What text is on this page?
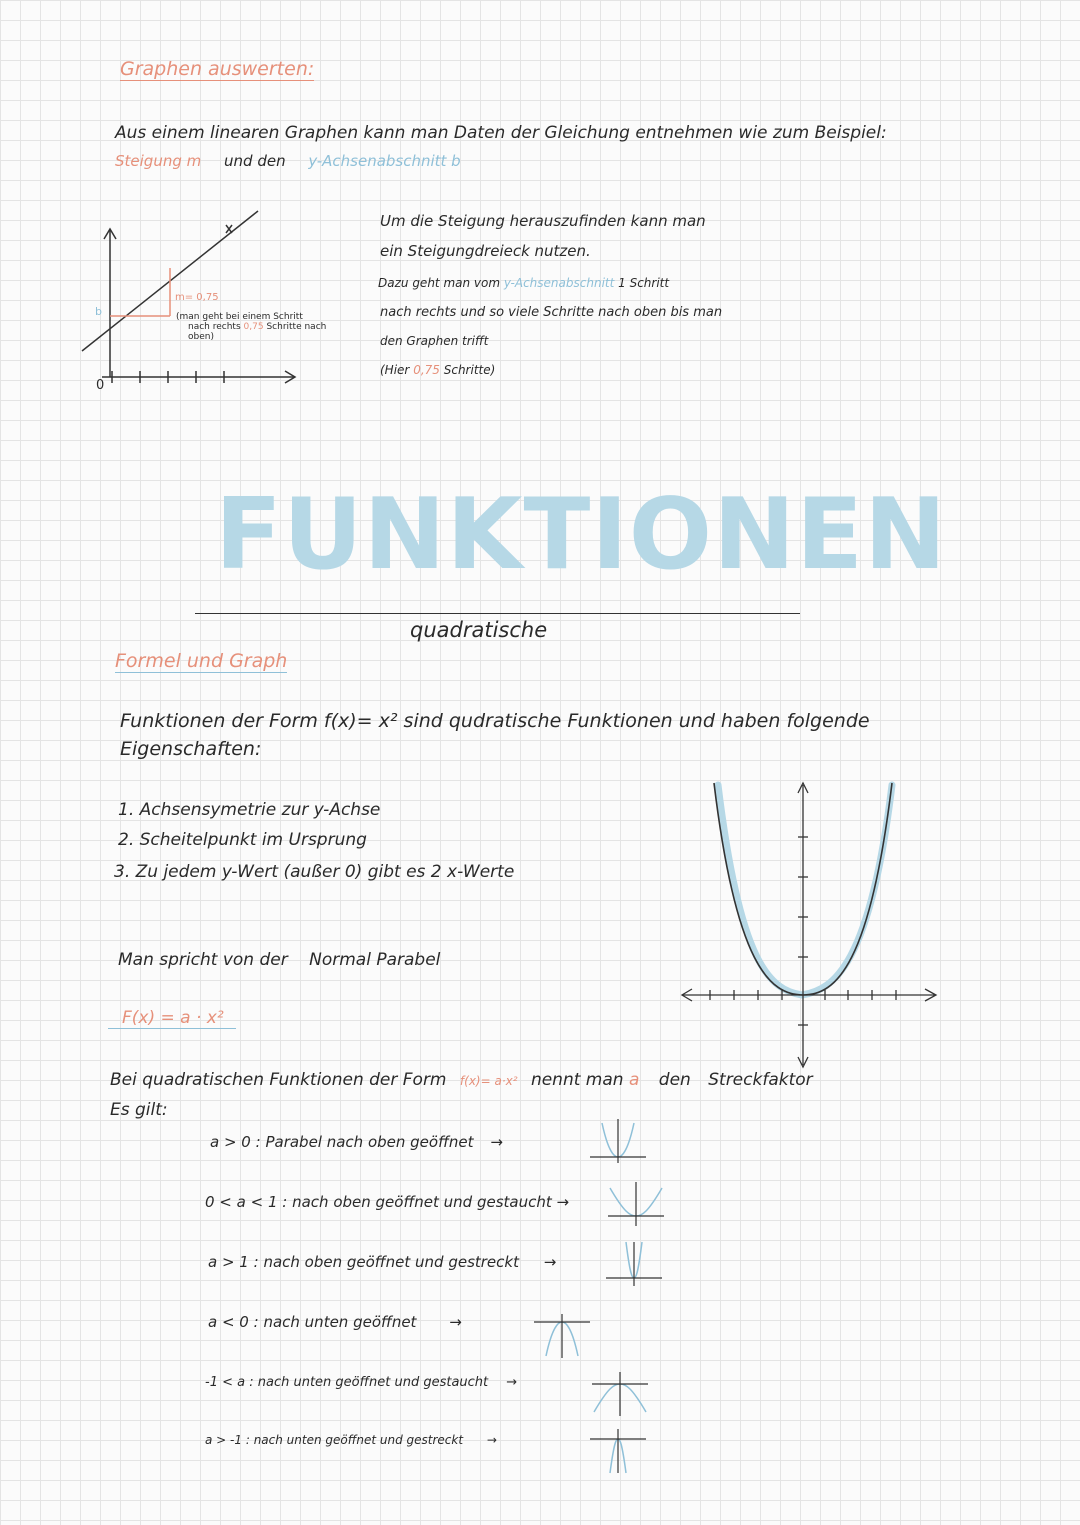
Graphen auswerten:
Aus einem linearen Graphen kann man Daten der Gleichung entnehmen wie zum Beispiel:
Steigung m und den y-Achsenabschnitt b
b
0
m= 0,75
(man geht bei einem Schritt
nach rechts 0,75 Schritte nach
oben)
Um die Steigung herauszufinden kann man
ein Steigungdreieck nutzen.
Dazu geht man vom y-Achsenabschnitt 1 Schritt
nach rechts und so viele Schritte nach oben bis man
den Graphen trifft
(Hier 0,75 Schritte)
FUNKTIONEN
quadratische
Formel und Graph
Funktionen der Form f(x)= x² sind qudratische Funktionen und haben folgende
Eigenschaften:
1. Achsensymetrie zur y-Achse
2. Scheitelpunkt im Ursprung
3. Zu jedem y-Wert (außer 0) gibt es 2 x-Werte
Man spricht von der Normal Parabel
F(x) = a · x²
Bei quadratischen Funktionen der Form f(x)= a·x² nennt man a den Streckfaktor
Es gilt:
a > 0 : Parabel nach oben geöffnet →
0 < a < 1 : nach oben geöffnet und gestaucht →
a > 1 : nach oben geöffnet und gestreckt →
a < 0 : nach unten geöffnet →
-1 < a : nach unten geöffnet und gestaucht →
a > -1 : nach unten geöffnet und gestreckt →
